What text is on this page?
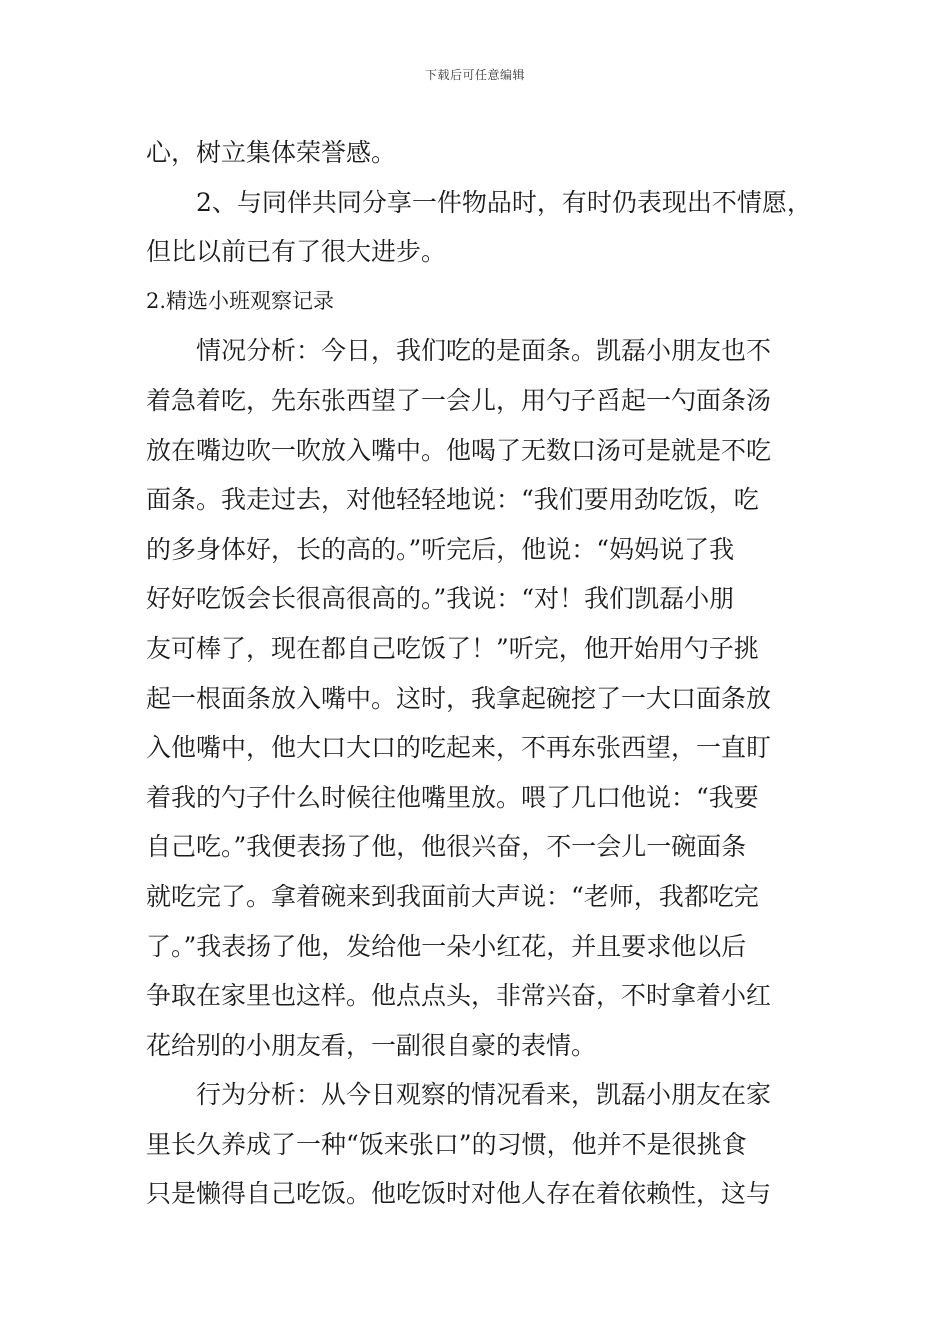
下载后可任意编辑
心，树立集体荣誉感。
2、与同伴共同分享一件物品时，有时仍表现出不情愿，
但比以前已有了很大进步。
2.精选小班观察记录
情况分析：今日，我们吃的是面条。凯磊小朋友也不
着急着吃，先东张西望了一会儿，用勺子舀起一勺面条汤
放在嘴边吹一吹放入嘴中。他喝了无数口汤可是就是不吃
面条。我走过去，对他轻轻地说：“我们要用劲吃饭，吃
的多身体好，长的高的。”听完后，他说：“妈妈说了我
好好吃饭会长很高很高的。”我说：“对！我们凯磊小朋
友可棒了，现在都自己吃饭了！”听完，他开始用勺子挑
起一根面条放入嘴中。这时，我拿起碗挖了一大口面条放
入他嘴中，他大口大口的吃起来，不再东张西望，一直盯
着我的勺子什么时候往他嘴里放。喂了几口他说：“我要
自己吃。”我便表扬了他，他很兴奋，不一会儿一碗面条
就吃完了。拿着碗来到我面前大声说：“老师，我都吃完
了。”我表扬了他，发给他一朵小红花，并且要求他以后
争取在家里也这样。他点点头，非常兴奋，不时拿着小红
花给别的小朋友看，一副很自豪的表情。
行为分析：从今日观察的情况看来，凯磊小朋友在家
里长久养成了一种“饭来张口”的习惯，他并不是很挑食
只是懒得自己吃饭。他吃饭时对他人存在着依赖性，这与
